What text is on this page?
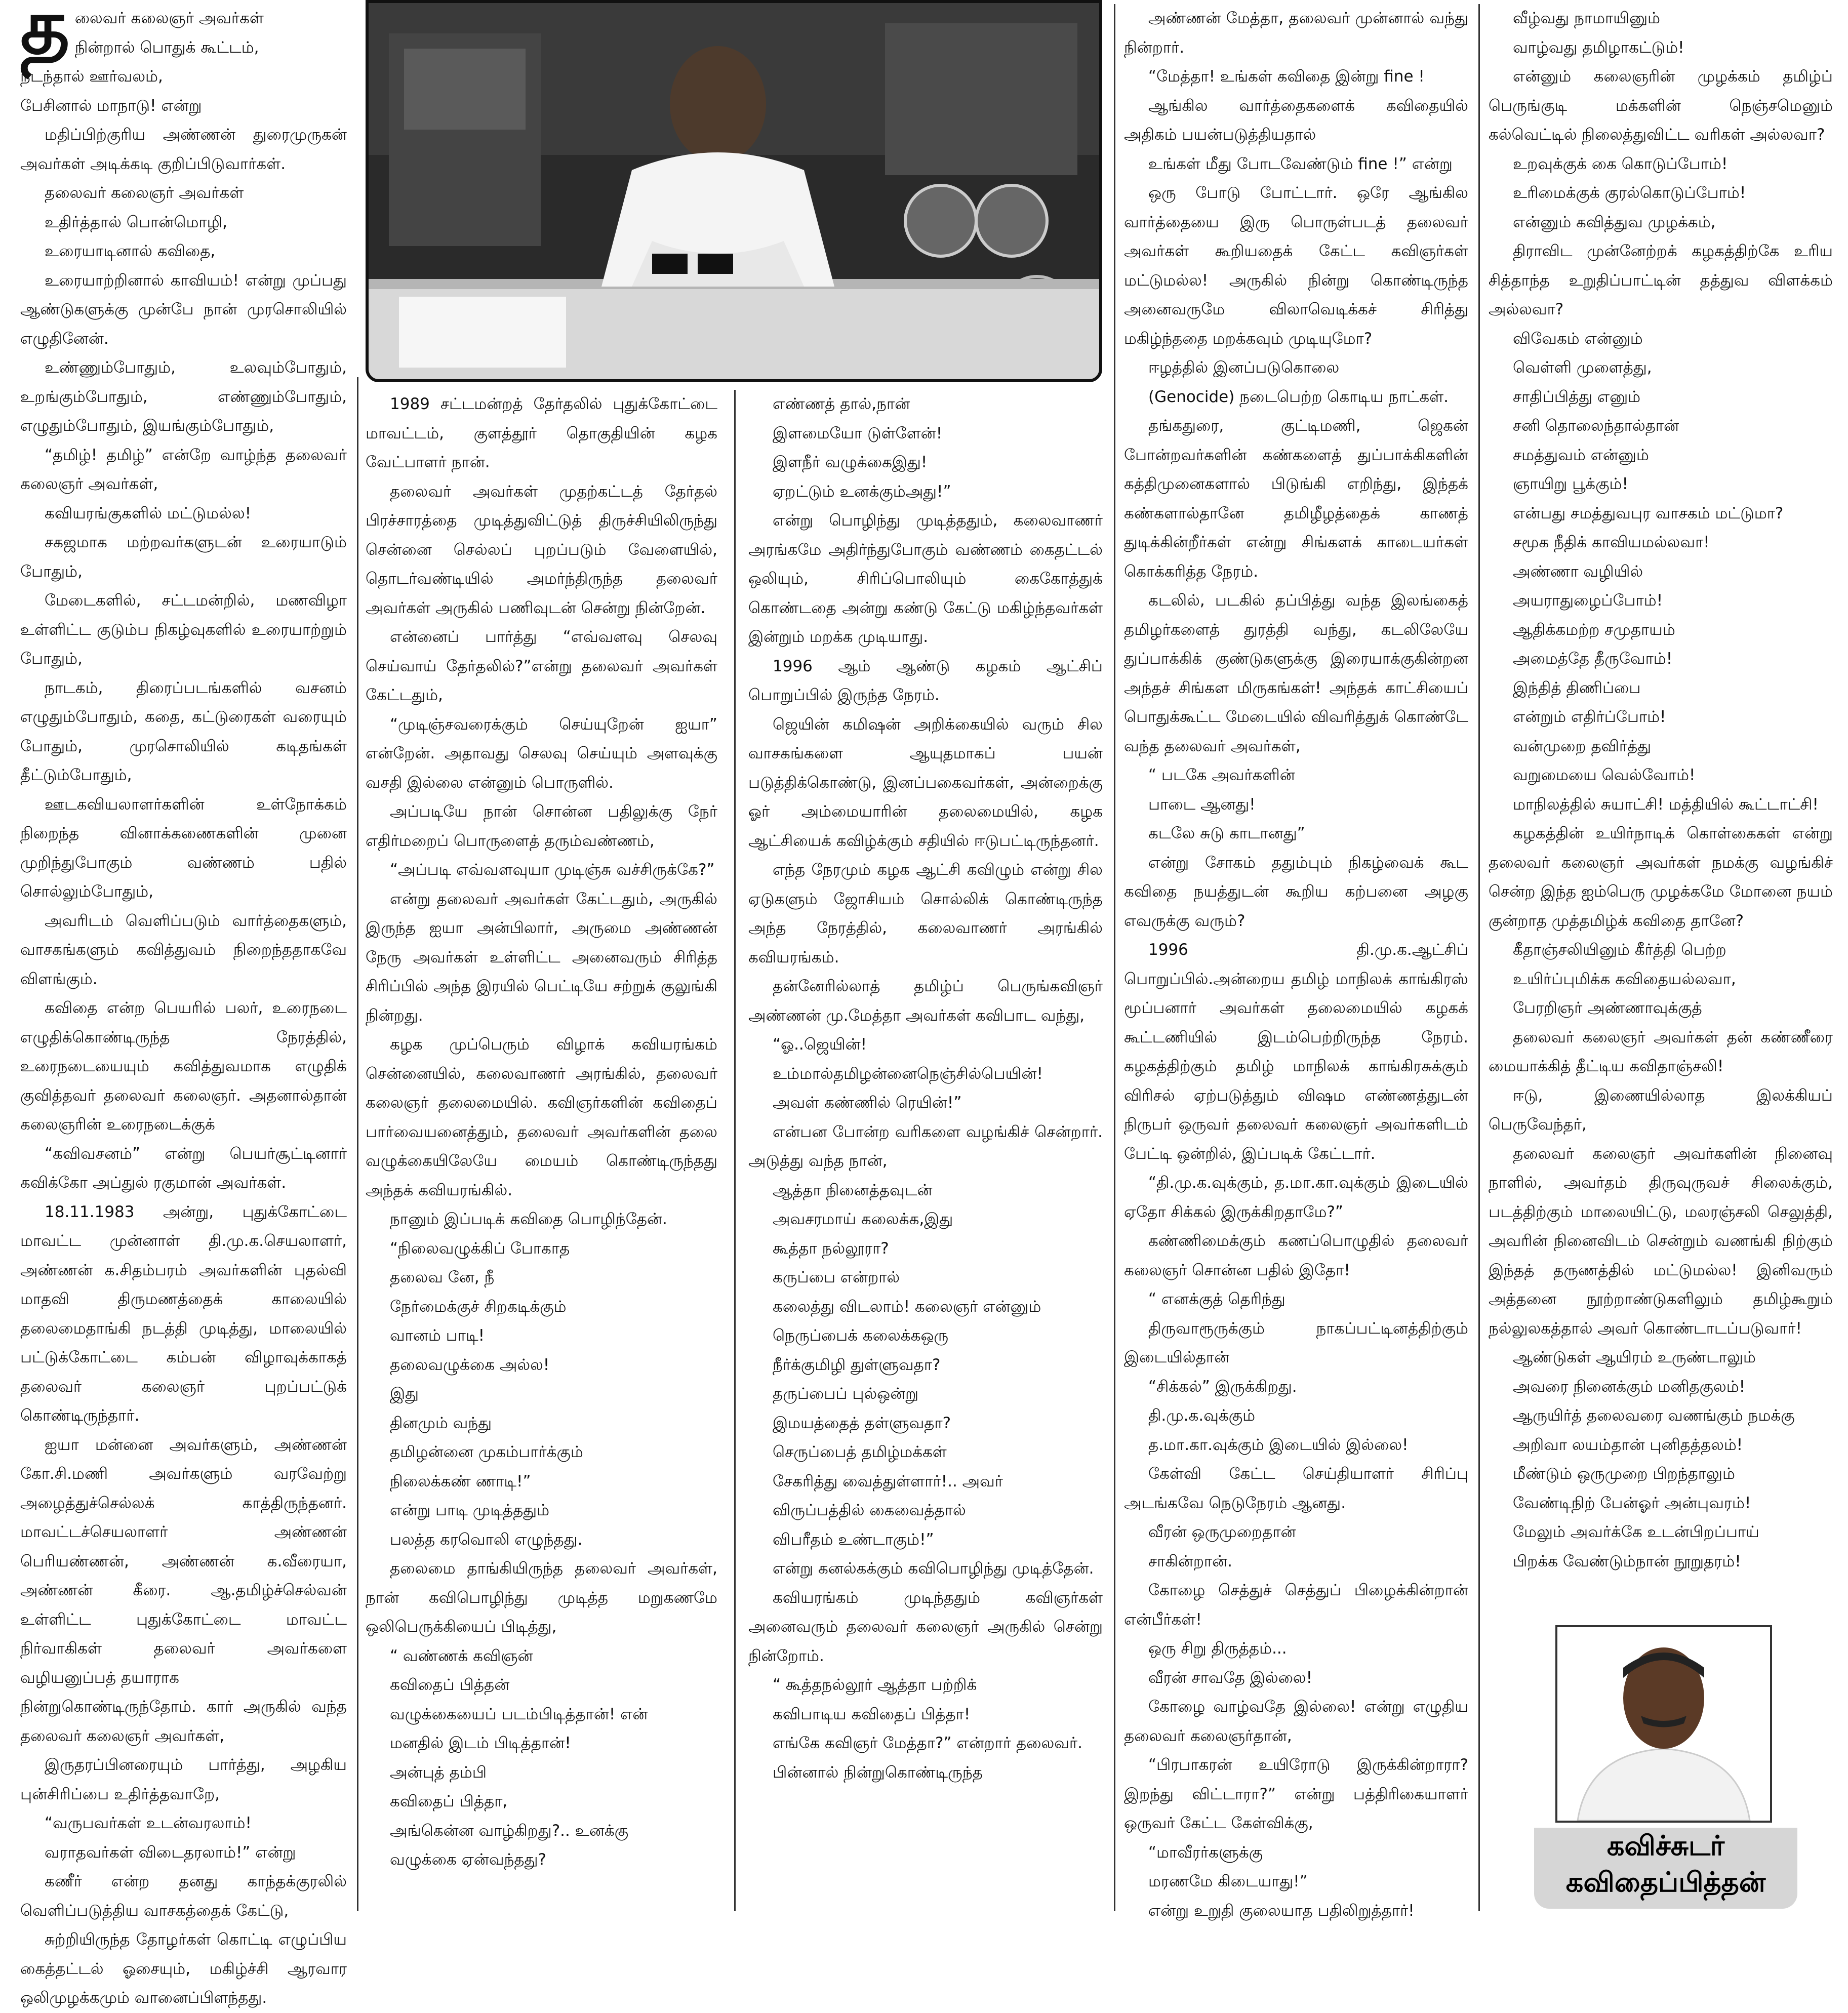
தலைவர் கலைஞர் அவர்கள்

நின்றால் பொதுக் கூட்டம்,

நடந்தால் ஊர்வலம்,

பேசினால் மாநாடு! என்று

மதிப்பிற்குரிய அண்ணன் துரைமுருகன் அவர்கள் அடிக்கடி குறிப்பிடுவார்கள்.

தலைவர் கலைஞர் அவர்கள்

உதிர்த்தால் பொன்மொழி,

உரையாடினால் கவிதை,

உரையாற்றினால் காவியம்! என்று முப்பது ஆண்டுகளுக்கு முன்பே நான் முரசொலியில் எழுதினேன்.

உண்ணும்போதும், உலவும்போதும், உறங்கும்போதும், எண்ணும்போதும், எழுதும்போதும், இயங்கும்போதும்,

“தமிழ்! தமிழ்” என்றே வாழ்ந்த தலைவர் கலைஞர் அவர்கள்,

கவியரங்குகளில் மட்டுமல்ல!

சகஜமாக மற்றவர்களுடன் உரையாடும் போதும்,

மேடைகளில், சட்டமன்றில், மணவிழா உள்ளிட்ட குடும்ப நிகழ்வுகளில் உரையாற்றும் போதும்,

நாடகம், திரைப்படங்களில் வசனம் எழுதும்போதும், கதை, கட்டுரைகள் வரையும் போதும், முரசொலியில் கடிதங்கள் தீட்டும்போதும்,

ஊடகவியலாளர்களின் உள்நோக்கம் நிறைந்த வினாக்கணைகளின் முனை முறிந்துபோகும் வண்ணம் பதில் சொல்லும்போதும்,

அவரிடம் வெளிப்படும் வார்த்தைகளும், வாசகங்களும் கவித்துவம் நிறைந்ததாகவே விளங்கும்.

கவிதை என்ற பெயரில் பலர், உரைநடை எழுதிக்கொண்டிருந்த நேரத்தில், உரைநடையையும் கவித்துவமாக எழுதிக் குவித்தவர் தலைவர் கலைஞர். அதனால்தான் கலைஞரின் உரைநடைக்குக்

“கவிவசனம்” என்று பெயர்சூட்டினார் கவிக்கோ அப்துல் ரகுமான் அவர்கள்.

18.11.1983 அன்று, புதுக்கோட்டை மாவட்ட முன்னாள் தி.மு.க.செயலாளர், அண்ணன் க.சிதம்பரம் அவர்களின் புதல்வி மாதவி திருமணத்தைக் காலையில் தலைமைதாங்கி நடத்தி முடித்து, மாலையில் பட்டுக்கோட்டை கம்பன் விழாவுக்காகத் தலைவர் கலைஞர் புறப்பட்டுக் கொண்டிருந்தார்.

ஐயா மன்னை அவர்களும், அண்ணன் கோ.சி.மணி அவர்களும் வரவேற்று அழைத்துச்செல்லக் காத்திருந்தனர். மாவட்டச்செயலாளர் அண்ணன் பெரியண்ணன், அண்ணன் க.வீரையா, அண்ணன் கீரை. ஆ.தமிழ்ச்செல்வன் உள்ளிட்ட புதுக்கோட்டை மாவட்ட நிர்வாகிகள் தலைவர் அவர்களை வழியனுப்பத் தயாராக

நின்றுகொண்டிருந்தோம். கார் அருகில் வந்த தலைவர் கலைஞர் அவர்கள்,

இருதரப்பினரையும் பார்த்து, அழகிய புன்சிரிப்பை உதிர்த்தவாறே,

“வருபவர்கள் உடன்வரலாம்!

வராதவர்கள் விடைதரலாம்!” என்று

கணீர் என்ற தனது காந்தக்குரலில் வெளிப்படுத்திய வாசகத்தைக் கேட்டு,

சுற்றியிருந்த தோழர்கள் கொட்டி எழுப்பிய கைத்தட்டல் ஓசையும், மகிழ்ச்சி ஆரவார ஒலிமுழக்கமும் வானைப்பிளந்தது.

1989 சட்டமன்றத் தேர்தலில் புதுக்கோட்டை மாவட்டம், குளத்தூர் தொகுதியின் கழக வேட்பாளர் நான்.

தலைவர் அவர்கள் முதற்கட்டத் தேர்தல் பிரச்சாரத்தை முடித்துவிட்டுத் திருச்சியிலிருந்து சென்னை செல்லப் புறப்படும் வேளையில், தொடர்வண்டியில் அமர்ந்திருந்த தலைவர் அவர்கள் அருகில் பணிவுடன் சென்று நின்றேன்.

என்னைப் பார்த்து “எவ்வளவு செலவு செய்வாய் தேர்தலில்?”என்று தலைவர் அவர்கள் கேட்டதும்,

“முடிஞ்சவரைக்கும் செய்யுறேன் ஐயா” என்றேன். அதாவது செலவு செய்யும் அளவுக்கு வசதி இல்லை என்னும் பொருளில்.

அப்படியே நான் சொன்ன பதிலுக்கு நேர் எதிர்மறைப் பொருளைத் தரும்வண்ணம்,

“அப்படி எவ்வளவுயா முடிஞ்சு வச்சிருக்கே?”

என்று தலைவர் அவர்கள் கேட்டதும், அருகில் இருந்த ஐயா அன்பிலார், அருமை அண்ணன் நேரு அவர்கள் உள்ளிட்ட அனைவரும் சிரித்த சிரிப்பில் அந்த இரயில் பெட்டியே சற்றுக் குலுங்கி நின்றது.

கழக முப்பெரும் விழாக் கவியரங்கம் சென்னையில், கலைவாணர் அரங்கில், தலைவர் கலைஞர் தலைமையில். கவிஞர்களின் கவிதைப் பார்வையனைத்தும், தலைவர் அவர்களின் தலை வழுக்கையிலேயே மையம் கொண்டிருந்தது அந்தக் கவியரங்கில்.

நானும் இப்படிக் கவிதை பொழிந்தேன்.

“நிலைவழுக்கிப் போகாத

தலைவ னே, நீ

நேர்மைக்குச் சிறகடிக்கும்

வானம் பாடி!

தலைவழுக்கை அல்ல!

இது

தினமும் வந்து

தமிழன்னை முகம்பார்க்கும்

நிலைக்கண் ணாடி!”

என்று பாடி முடித்ததும்

பலத்த கரவொலி எழுந்தது.

தலைமை தாங்கியிருந்த தலைவர் அவர்கள், நான் கவிபொழிந்து முடித்த மறுகணமே ஒலிபெருக்கியைப் பிடித்து,

“ வண்ணக் கவிஞன்

கவிதைப் பித்தன்

வழுக்கையைப் படம்பிடித்தான்! என்

மனதில் இடம் பிடித்தான்!

அன்புத் தம்பி

கவிதைப் பித்தா,

அங்கென்ன வாழ்கிறது?.. உனக்கு

வழுக்கை ஏன்வந்தது?

எண்ணத் தால்,நான்

இளமையோ டுள்ளேன்!

இளநீர் வழுக்கைஇது!

ஏறட்டும் உனக்கும்அது!”

என்று பொழிந்து முடித்ததும், கலைவாணர் அரங்கமே அதிர்ந்துபோகும் வண்ணம் கைதட்டல் ஒலியும், சிரிப்பொலியும் கைகோத்துக் கொண்டதை அன்று கண்டு கேட்டு மகிழ்ந்தவர்கள் இன்றும் மறக்க முடியாது.

1996 ஆம் ஆண்டு கழகம் ஆட்சிப் பொறுப்பில் இருந்த நேரம்.

ஜெயின் கமிஷன் அறிக்கையில் வரும் சில வாசகங்களை ஆயுதமாகப் பயன் படுத்திக்கொண்டு, இனப்பகைவர்கள், அன்றைக்கு ஓர் அம்மையாரின் தலைமையில், கழக ஆட்சியைக் கவிழ்க்கும் சதியில் ஈடுபட்டிருந்தனர்.

எந்த நேரமும் கழக ஆட்சி கவிழும் என்று சில ஏடுகளும் ஜோசியம் சொல்லிக் கொண்டிருந்த அந்த நேரத்தில், கலைவாணர் அரங்கில் கவியரங்கம்.

தன்னேரில்லாத் தமிழ்ப் பெருங்கவிஞர் அண்ணன் மு.மேத்தா அவர்கள் கவிபாட வந்து,

“ஓ..ஜெயின்!

உம்மால்தமிழன்னைநெஞ்சில்பெயின்!

அவள் கண்ணில் ரெயின்!”

என்பன போன்ற வரிகளை வழங்கிச் சென்றார். அடுத்து வந்த நான்,

ஆத்தா நினைத்தவுடன்

அவசரமாய் கலைக்க,இது

கூத்தா நல்லூரா?

கருப்பை என்றால்

கலைத்து விடலாம்! கலைஞர் என்னும்

நெருப்பைக் கலைக்கஒரு

நீர்க்குமிழி துள்ளுவதா?

தருப்பைப் புல்ஒன்று

இமயத்தைத் தள்ளுவதா?

செருப்பைத் தமிழ்மக்கள்

சேகரித்து வைத்துள்ளார்!.. அவர்

விருப்பத்தில் கைவைத்தால்

விபரீதம் உண்டாகும்!”

என்று கனல்கக்கும் கவிபொழிந்து முடித்தேன்.

கவியரங்கம் முடிந்ததும் கவிஞர்கள் அனைவரும் தலைவர் கலைஞர் அருகில் சென்று நின்றோம்.

“ கூத்தநல்லூர் ஆத்தா பற்றிக்

கவிபாடிய கவிதைப் பித்தா!

எங்கே கவிஞர் மேத்தா?” என்றார் தலைவர்.

பின்னால் நின்றுகொண்டிருந்த

அண்ணன் மேத்தா, தலைவர் முன்னால் வந்து நின்றார்.

“மேத்தா! உங்கள் கவிதை இன்று fine !

ஆங்கில வார்த்தைகளைக் கவிதையில் அதிகம் பயன்படுத்தியதால்

உங்கள் மீது போடவேண்டும் fine !” என்று

ஒரு போடு போட்டார். ஒரே ஆங்கில வார்த்தையை இரு பொருள்படத் தலைவர் அவர்கள் கூறியதைக் கேட்ட கவிஞர்கள் மட்டுமல்ல! அருகில் நின்று கொண்டிருந்த அனைவருமே விலாவெடிக்கச் சிரித்து மகிழ்ந்ததை மறக்கவும் முடியுமோ?

ஈழத்தில் இனப்படுகொலை

(Genocide) நடைபெற்ற கொடிய நாட்கள்.

தங்கதுரை, குட்டிமணி, ஜெகன் போன்றவர்களின் கண்களைத் துப்பாக்கிகளின் கத்திமுனைகளால் பிடுங்கி எறிந்து, இந்தக் கண்களால்தானே தமிழீழத்தைக் காணத் துடிக்கின்றீர்கள் என்று சிங்களக் காடையர்கள் கொக்கரித்த நேரம்.

கடலில், படகில் தப்பித்து வந்த இலங்கைத் தமிழர்களைத் துரத்தி வந்து, கடலிலேயே துப்பாக்கிக் குண்டுகளுக்கு இரையாக்குகின்றன அந்தச் சிங்கள மிருகங்கள்! அந்தக் காட்சியைப் பொதுக்கூட்ட மேடையில் விவரித்துக் கொண்டே வந்த தலைவர் அவர்கள்,

“ படகே அவர்களின்

பாடை ஆனது!

கடலே சுடு காடானது”

என்று சோகம் ததும்பும் நிகழ்வைக் கூட கவிதை நயத்துடன் கூறிய கற்பனை அழகு எவருக்கு வரும்?

1996 தி.மு.க.ஆட்சிப் பொறுப்பில்.அன்றைய தமிழ் மாநிலக் காங்கிரஸ் மூப்பனார் அவர்கள் தலைமையில் கழகக் கூட்டணியில் இடம்பெற்றிருந்த நேரம். கழகத்திற்கும் தமிழ் மாநிலக் காங்கிரசுக்கும் விரிசல் ஏற்படுத்தும் விஷம எண்ணத்துடன் நிருபர் ஒருவர் தலைவர் கலைஞர் அவர்களிடம் பேட்டி ஒன்றில், இப்படிக் கேட்டார்.

“தி.மு.க.வுக்கும், த.மா.கா.வுக்கும் இடையில் ஏதோ சிக்கல் இருக்கிறதாமே?”

கண்ணிமைக்கும் கணப்பொழுதில் தலைவர் கலைஞர் சொன்ன பதில் இதோ!

“ எனக்குத் தெரிந்து

திருவாரூருக்கும் நாகப்பட்டினத்திற்கும் இடையில்தான்

“சிக்கல்” இருக்கிறது.

தி.மு.க.வுக்கும்

த.மா.கா.வுக்கும் இடையில் இல்லை!

கேள்வி கேட்ட செய்தியாளர் சிரிப்பு அடங்கவே நெடுநேரம் ஆனது.

வீரன் ஒருமுறைதான்

சாகின்றான்.

கோழை செத்துச் செத்துப் பிழைக்கின்றான் என்பீர்கள்!

ஒரு சிறு திருத்தம்...

வீரன் சாவதே இல்லை!

கோழை வாழ்வதே இல்லை! என்று எழுதிய தலைவர் கலைஞர்தான்,

“பிரபாகரன் உயிரோடு இருக்கின்றாரா? இறந்து விட்டாரா?” என்று பத்திரிகையாளர் ஒருவர் கேட்ட கேள்விக்கு,

“மாவீரர்களுக்கு

மரணமே கிடையாது!”

என்று உறுதி குலையாத பதிலிறுத்தார்!

வீழ்வது நாமாயினும்

வாழ்வது தமிழாகட்டும்!

என்னும் கலைஞரின் முழக்கம் தமிழ்ப் பெருங்குடி மக்களின் நெஞ்சமெனும் கல்வெட்டில் நிலைத்துவிட்ட வரிகள் அல்லவா?

உறவுக்குக் கை கொடுப்போம்!

உரிமைக்குக் குரல்கொடுப்போம்!

என்னும் கவித்துவ முழக்கம்,

திராவிட முன்னேற்றக் கழகத்திற்கே உரிய சித்தாந்த உறுதிப்பாட்டின் தத்துவ விளக்கம் அல்லவா?

விவேகம் என்னும்

வெள்ளி முளைத்து,

சாதிப்பித்து எனும்

சனி தொலைந்தால்தான்

சமத்துவம் என்னும்

ஞாயிறு பூக்கும்!

என்பது சமத்துவபுர வாசகம் மட்டுமா?

சமூக நீதிக் காவியமல்லவா!

அண்ணா வழியில்

அயராதுழைப்போம்!

ஆதிக்கமற்ற சமுதாயம்

அமைத்தே தீருவோம்!

இந்தித் திணிப்பை

என்றும் எதிர்ப்போம்!

வன்முறை தவிர்த்து

வறுமையை வெல்வோம்!

மாநிலத்தில் சுயாட்சி! மத்தியில் கூட்டாட்சி!

கழகத்தின் உயிர்நாடிக் கொள்கைகள் என்று தலைவர் கலைஞர் அவர்கள் நமக்கு வழங்கிச் சென்ற இந்த ஐம்பெரு முழக்கமே மோனை நயம் குன்றாத முத்தமிழ்க் கவிதை தானே?

கீதாஞ்சலியினும் கீர்த்தி பெற்ற

உயிர்ப்புமிக்க கவிதையல்லவா,

பேரறிஞர் அண்ணாவுக்குத்

தலைவர் கலைஞர் அவர்கள் தன் கண்ணீரை மையாக்கித் தீட்டிய கவிதாஞ்சலி!

ஈடு, இணையில்லாத இலக்கியப் பெருவேந்தர்,

தலைவர் கலைஞர் அவர்களின் நினைவு நாளில், அவர்தம் திருவுருவச் சிலைக்கும், படத்திற்கும் மாலையிட்டு, மலரஞ்சலி செலுத்தி, அவரின் நினைவிடம் சென்றும் வணங்கி நிற்கும் இந்தத் தருணத்தில் மட்டுமல்ல! இனிவரும் அத்தனை நூற்றாண்டுகளிலும் தமிழ்கூறும் நல்லுலகத்தால் அவர் கொண்டாடப்படுவார்!

ஆண்டுகள் ஆயிரம் உருண்டாலும்

அவரை நினைக்கும் மனிதகுலம்!

ஆருயிர்த் தலைவரை வணங்கும் நமக்கு

அறிவா லயம்தான் புனிதத்தலம்!

மீண்டும் ஒருமுறை பிறந்தாலும்

வேண்டிநிற் பேன்ஓர் அன்புவரம்!

மேலும் அவர்க்கே உடன்பிறப்பாய்

பிறக்க வேண்டும்நான் நூறுதரம்!

கவிச்சுடர்
கவிதைப்பித்தன்
